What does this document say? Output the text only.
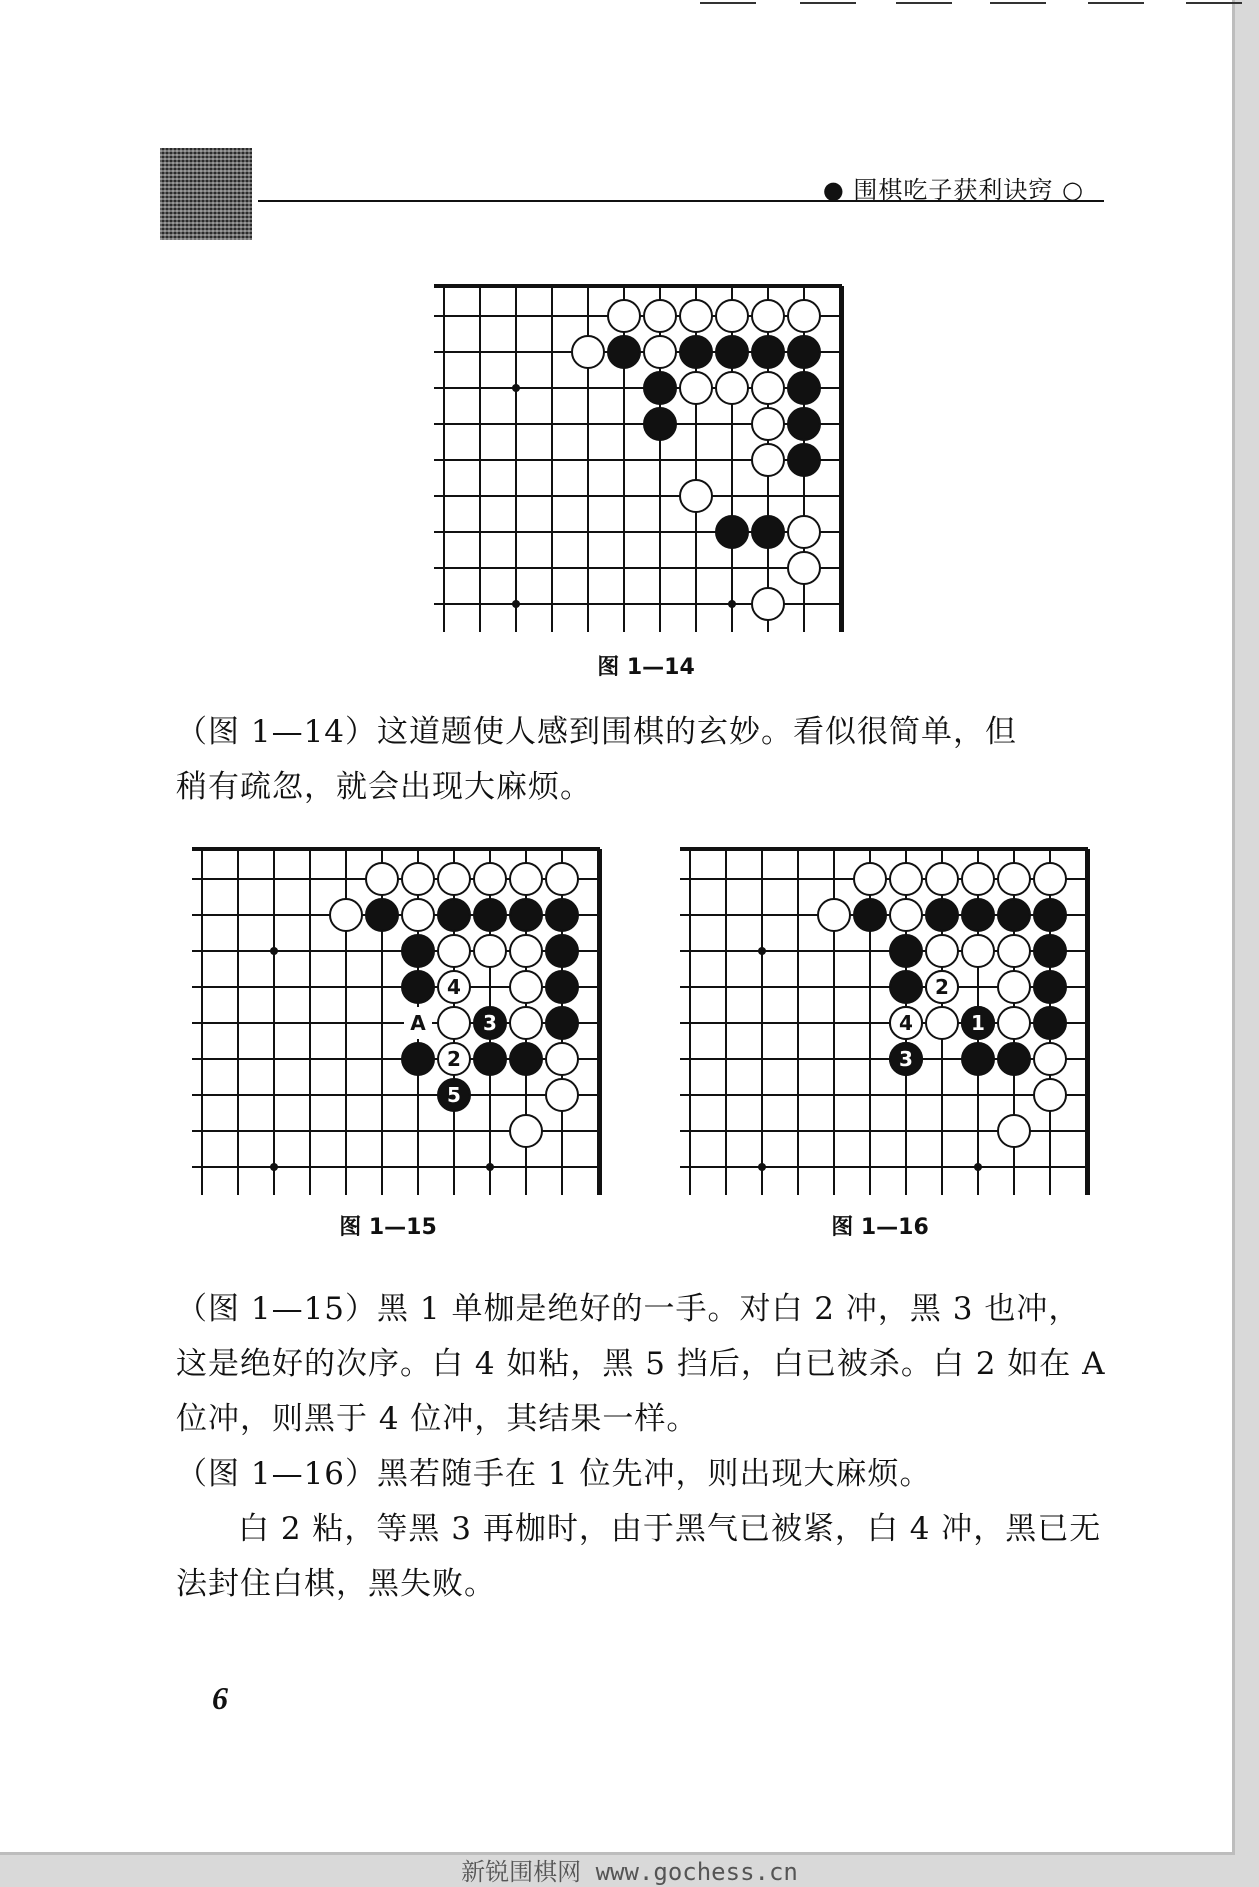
● 围棋吃子获利诀窍 ○
图 1—14

（图 1—14）这道题使人感到围棋的玄妙。看似很简单，但
稍有疏忽，就会出现大麻烦。

4
2
3
5
A
图 1—15
2
4	1
3
图 1—16

（图 1—15）黑 1 单枷是绝好的一手。对白 2 冲，黑 3 也冲，
这是绝好的次序。白 4 如粘，黑 5 挡后，白已被杀。白 2 如在 A
位冲，则黑于 4 位冲，其结果一样。

（图 1—16）黑若随手在 1 位先冲，则出现大麻烦。

白 2 粘，等黑 3 再枷时，由于黑气已被紧，白 4 冲，黑已无
法封住白棋，黑失败。

6
新锐围棋网 www.gochess.cn
